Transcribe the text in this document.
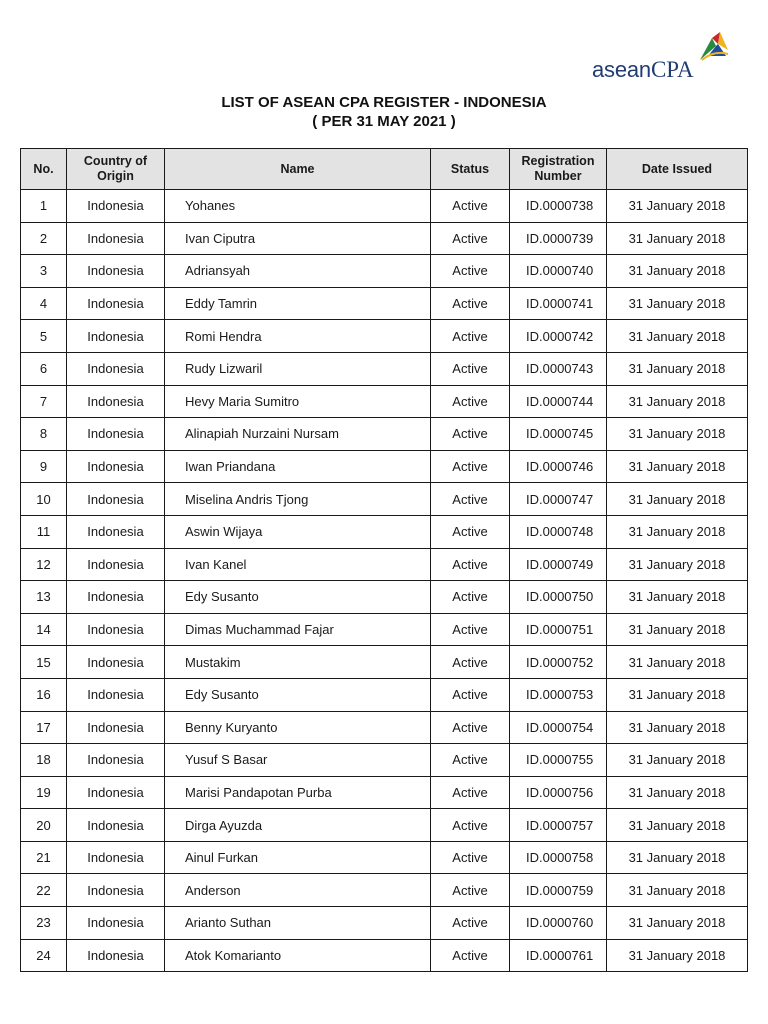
aseanCPA
LIST OF ASEAN CPA REGISTER - INDONESIA
( PER 31 MAY 2021 )
No.	Country of Origin	Name	Status	Registration Number	Date Issued
1	Indonesia	Yohanes	Active	ID.0000738	31 January 2018
2	Indonesia	Ivan Ciputra	Active	ID.0000739	31 January 2018
3	Indonesia	Adriansyah	Active	ID.0000740	31 January 2018
4	Indonesia	Eddy Tamrin	Active	ID.0000741	31 January 2018
5	Indonesia	Romi Hendra	Active	ID.0000742	31 January 2018
6	Indonesia	Rudy Lizwaril	Active	ID.0000743	31 January 2018
7	Indonesia	Hevy Maria Sumitro	Active	ID.0000744	31 January 2018
8	Indonesia	Alinapiah Nurzaini Nursam	Active	ID.0000745	31 January 2018
9	Indonesia	Iwan Priandana	Active	ID.0000746	31 January 2018
10	Indonesia	Miselina Andris Tjong	Active	ID.0000747	31 January 2018
11	Indonesia	Aswin Wijaya	Active	ID.0000748	31 January 2018
12	Indonesia	Ivan Kanel	Active	ID.0000749	31 January 2018
13	Indonesia	Edy Susanto	Active	ID.0000750	31 January 2018
14	Indonesia	Dimas Muchammad Fajar	Active	ID.0000751	31 January 2018
15	Indonesia	Mustakim	Active	ID.0000752	31 January 2018
16	Indonesia	Edy Susanto	Active	ID.0000753	31 January 2018
17	Indonesia	Benny Kuryanto	Active	ID.0000754	31 January 2018
18	Indonesia	Yusuf S Basar	Active	ID.0000755	31 January 2018
19	Indonesia	Marisi Pandapotan Purba	Active	ID.0000756	31 January 2018
20	Indonesia	Dirga Ayuzda	Active	ID.0000757	31 January 2018
21	Indonesia	Ainul Furkan	Active	ID.0000758	31 January 2018
22	Indonesia	Anderson	Active	ID.0000759	31 January 2018
23	Indonesia	Arianto Suthan	Active	ID.0000760	31 January 2018
24	Indonesia	Atok Komarianto	Active	ID.0000761	31 January 2018
